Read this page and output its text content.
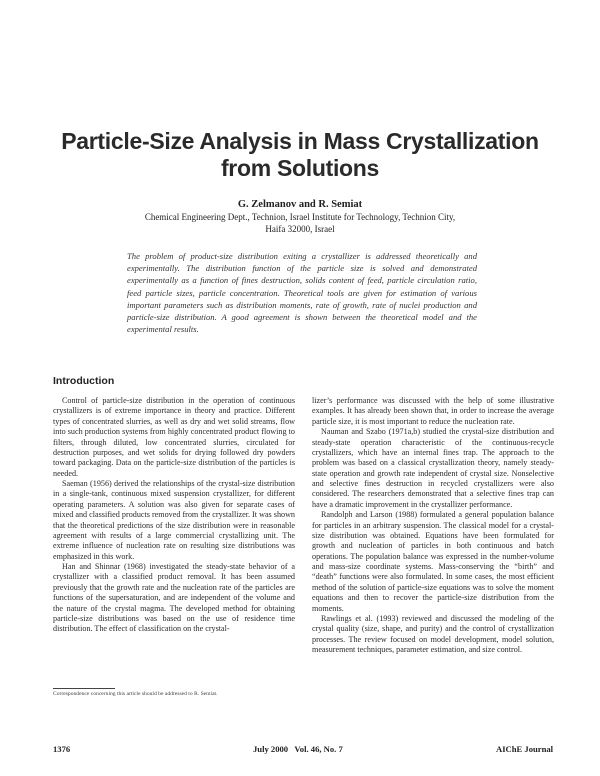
Particle-Size Analysis in Mass Crystallization
from Solutions
G. Zelmanov and R. Semiat
Chemical Engineering Dept., Technion, Israel Institute for Technology, Technion City,
Haifa 32000, Israel
The problem of product-size distribution exiting a crystallizer is addressed theoretically and experimentally. The distribution function of the particle size is solved and demonstrated experimentally as a function of fines destruction, solids content of feed, particle circulation ratio, feed particle sizes, particle concentration. Theoretical tools are given for estimation of various important parameters such as distribution moments, rate of growth, rate of nuclei production and particle-size distribution. A good agreement is shown between the theoretical model and the experimental results.
Introduction

Control of particle-size distribution in the operation of continuous crystallizers is of extreme importance in theory and practice. Different types of concentrated slurries, as well as dry and wet solid streams, flow into such production systems from highly concentrated product flowing to filters, through diluted, low concentrated slurries, circulated for destruction purposes, and wet solids for drying followed dry powders toward packaging. Data on the particle-size distribution of the particles is needed.

Saeman (1956) derived the relationships of the crystal-size distribution in a single-tank, continuous mixed suspension crystallizer, for different operating parameters. A solution was also given for separate cases of mixed and classified products removed from the crystallizer. It was shown that the theoretical predictions of the size distribution were in reasonable agreement with results of a large commercial crystallizing unit. The extreme influence of nucleation rate on resulting size distributions was emphasized in this work.

Han and Shinnar (1968) investigated the steady-state behavior of a crystallizer with a classified product removal. It has been assumed previously that the growth rate and the nucleation rate of the particles are functions of the supersaturation, and are independent of the volume and the nature of the crystal magma. The developed method for obtaining particle-size distributions was based on the use of residence time distribution. The effect of classification on the crystal-

lizer’s performance was discussed with the help of some illustrative examples. It has already been shown that, in order to increase the average particle size, it is most important to reduce the nucleation rate.

Nauman and Szabo (1971a,b) studied the crystal-size distribution and steady-state operation characteristic of the continuous-recycle crystallizers, which have an internal fines trap. The approach to the problem was based on a classical crystallization theory, namely steady-state operation and growth rate independent of crystal size. Nonselective and selective fines destruction in recycled crystallizers were also considered. The researchers demonstrated that a selective fines trap can have a dramatic improvement in the crystallizer performance.

Randolph and Larson (1988) formulated a general population balance for particles in an arbitrary suspension. The classical model for a crystal-size distribution was obtained. Equations have been formulated for growth and nucleation of particles in both continuous and batch operations. The population balance was expressed in the number-volume and mass-size coordinate systems. Mass-conserving the “birth” and “death” functions were also formulated. In some cases, the most efficient method of the solution of particle-size equations was to solve the moment equations and then to recover the particle-size distribution from the moments.

Rawlings et al. (1993) reviewed and discussed the modeling of the crystal quality (size, shape, and purity) and the control of crystallization processes. The review focused on model development, model solution, measurement techniques, parameter estimation, and size control.

Correspondence concerning this article should be addressed to R. Semiat.
1376	July 2000   Vol. 46, No. 7	AIChE Journal
